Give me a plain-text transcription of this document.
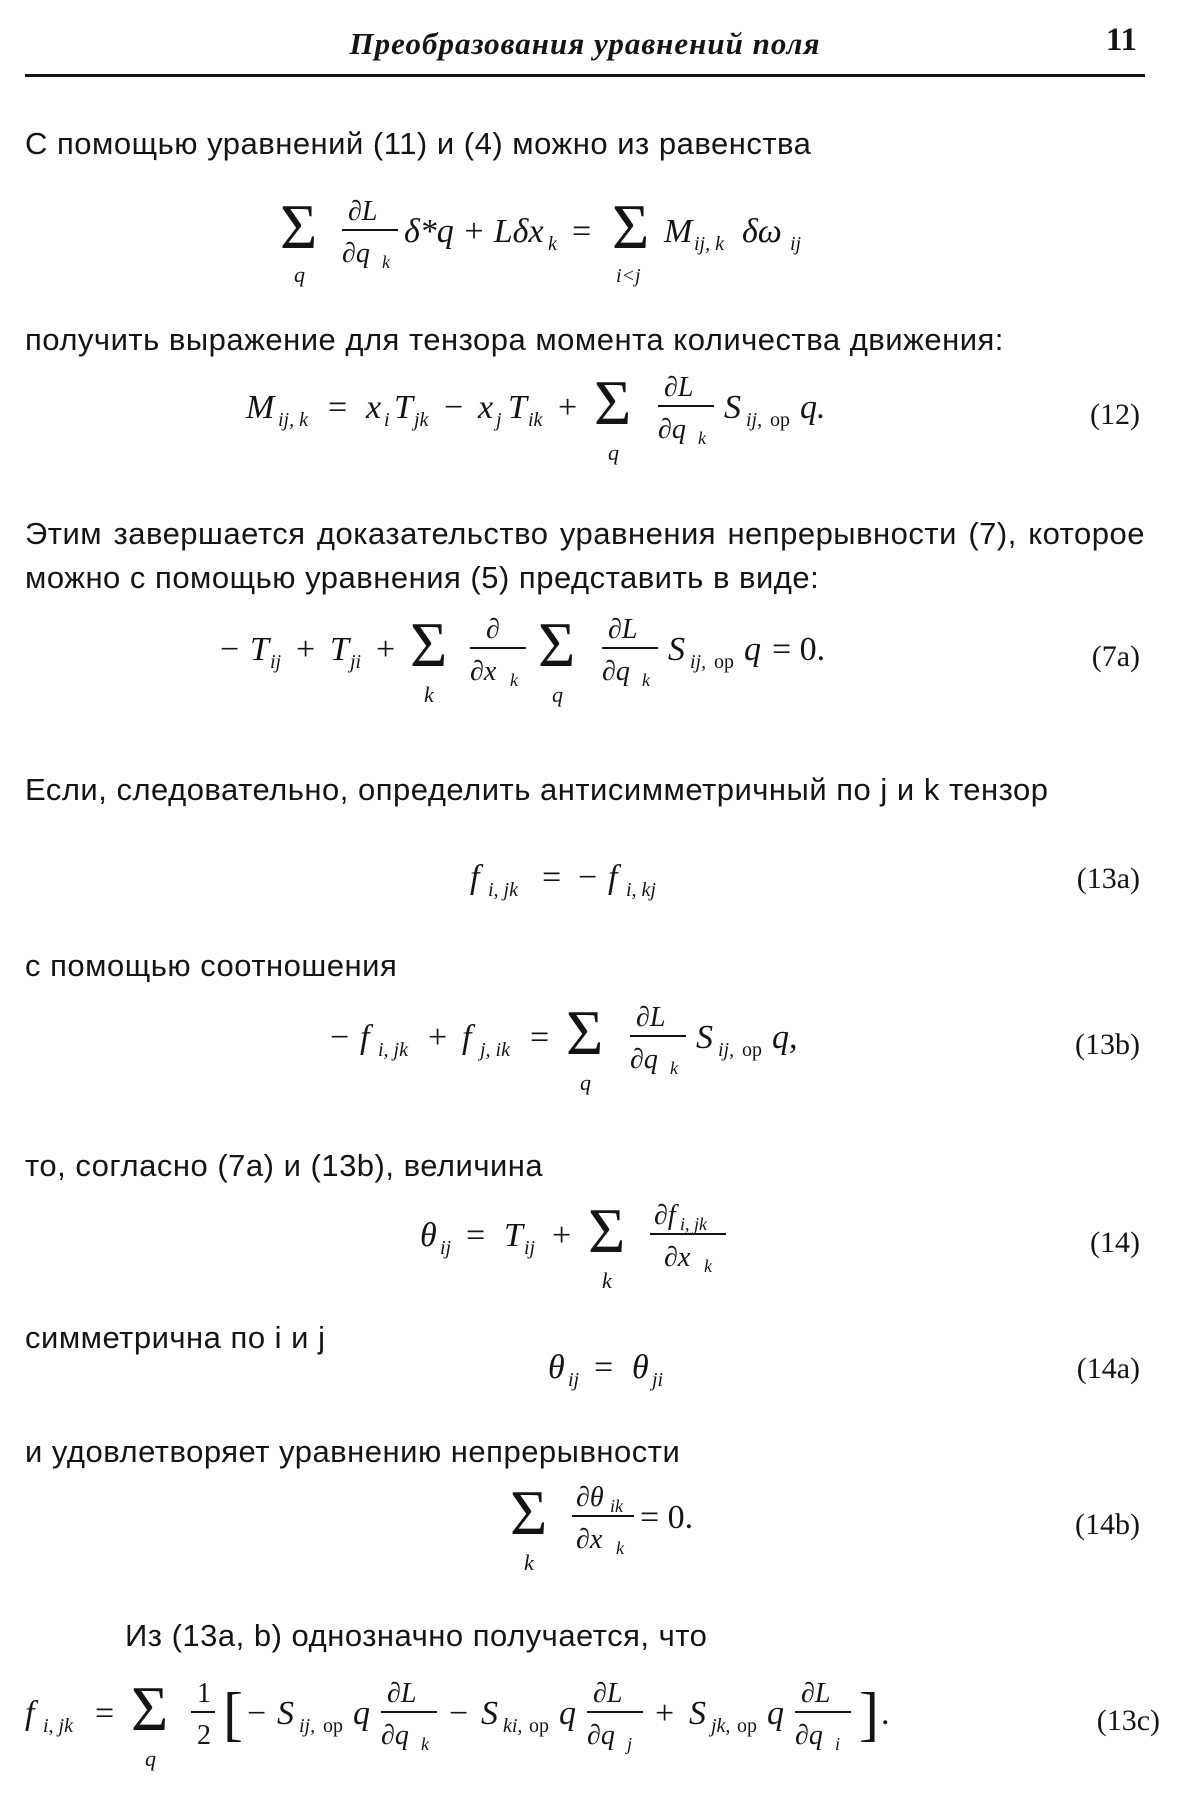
Преобразования уравнений поля	11
С помощью уравнений (11) и (4) можно из равенства
Σ
q
∂L
∂q k
δ*q + Lδx k = Σ
i<j
M ij, k δω ij
получить выражение для тензора момента количества движения:
M ij, k = x i T jk − x j T ik + Σ
q
∂L
∂q k
S ij, op q.	(12)
Этим завершается доказательство уравнения непрерывности (7), которое можно с помощью уравнения (5) представить в виде:
− T ij + T ji + Σ
k
∂
∂x k Σ
q
∂L
∂q k
S ij, op q = 0.	(7а)
Если, следовательно, определить антисимметричный по j и k тензор
f i, jk = − f i, kj	(13а)
с помощью соотношения
− f i, jk + f j, ik = Σ
q
∂L
∂q k
S ij, op q,	(13b)
то, согласно (7а) и (13b), величина
θ ij = T ij + Σ
k
∂f i, jk
∂x k
(14)
симметрична по i и j
θ ij = θ ji	(14a)
и удовлетворяет уравнению непрерывности
Σ
k
∂θ ik
∂x k
= 0.	(14b)
Из (13а, b) однозначно получается, что
f i, jk = Σ
q
1
2 [ − S ij, op q
∂L
∂q k
− S ki, op q
∂L
∂q j
+ S jk, op q
∂L
∂q i ] .	(13c)
